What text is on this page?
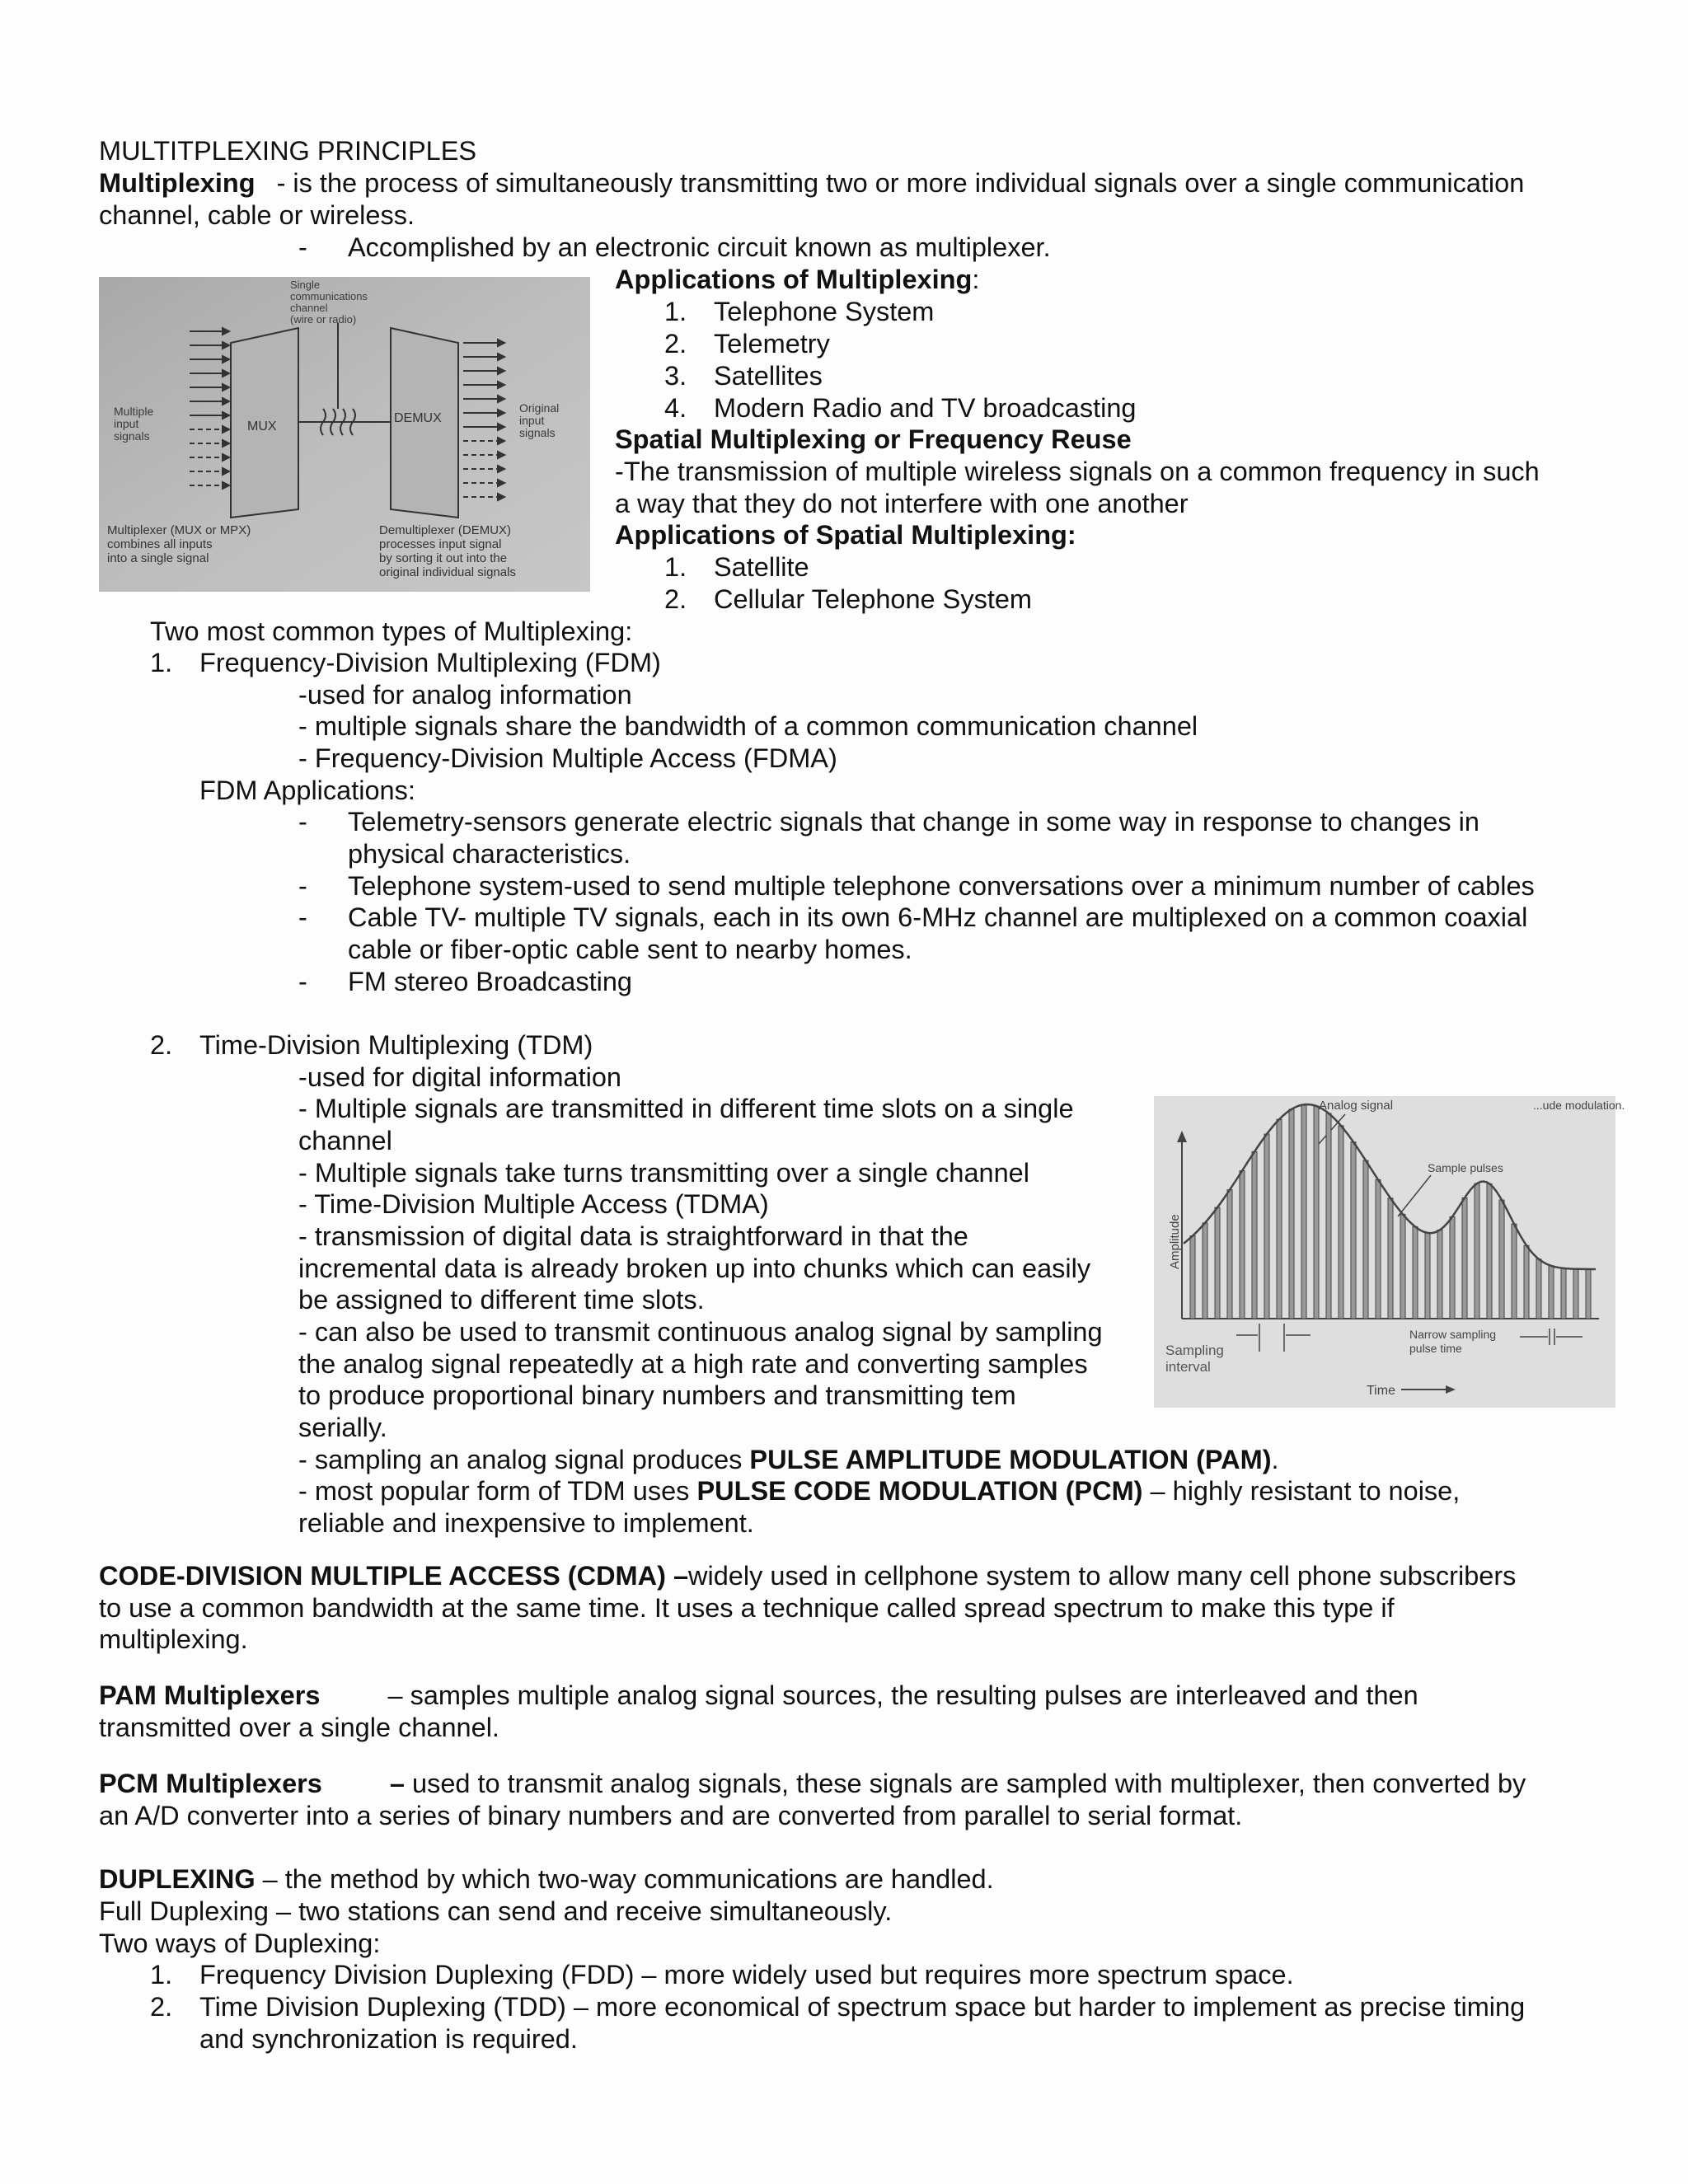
MULTITPLEXING PRINCIPLES
Multiplexing - is the process of simultaneously transmitting two or more individual signals over a single communication
channel, cable or wireless.
- Accomplished by an electronic circuit known as multiplexer.
Single communications channel (wire or radio)
MUX
DEMUX
Multiple input signals
Original input signals
Multiplexer (MUX or MPX) combines all inputs into a single signal
Demultiplexer (DEMUX) processes input signal by sorting it out into the original individual signals
Applications of Multiplexing:
1. Telephone System
2. Telemetry
3. Satellites
4. Modern Radio and TV broadcasting
Spatial Multiplexing or Frequency Reuse
-The transmission of multiple wireless signals on a common frequency in such
a way that they do not interfere with one another
Applications of Spatial Multiplexing:
1. Satellite
2. Cellular Telephone System
Two most common types of Multiplexing:
1. Frequency-Division Multiplexing (FDM)
-used for analog information
- multiple signals share the bandwidth of a common communication channel
- Frequency-Division Multiple Access (FDMA)
FDM Applications:
- Telemetry-sensors generate electric signals that change in some way in response to changes in
physical characteristics.
- Telephone system-used to send multiple telephone conversations over a minimum number of cables
- Cable TV- multiple TV signals, each in its own 6-MHz channel are multiplexed on a common coaxial
cable or fiber-optic cable sent to nearby homes.
- FM stereo Broadcasting
2. Time-Division Multiplexing (TDM)
-used for digital information
- Multiple signals are transmitted in different time slots on a single
channel
- Multiple signals take turns transmitting over a single channel
- Time-Division Multiple Access (TDMA)
- transmission of digital data is straightforward in that the
incremental data is already broken up into chunks which can easily
be assigned to different time slots.
- can also be used to transmit continuous analog signal by sampling
the analog signal repeatedly at a high rate and converting samples
to produce proportional binary numbers and transmitting tem
serially.
- sampling an analog signal produces PULSE AMPLITUDE MODULATION (PAM).
- most popular form of TDM uses PULSE CODE MODULATION (PCM) – highly resistant to noise,
reliable and inexpensive to implement.
Analog signal	...ude modulation.
Sample pulses
Amplitude
Sampling interval
Narrow sampling pulse time
Time
CODE-DIVISION MULTIPLE ACCESS (CDMA) –widely used in cellphone system to allow many cell phone subscribers
to use a common bandwidth at the same time. It uses a technique called spread spectrum to make this type if
multiplexing.
PAM Multiplexers	– samples multiple analog signal sources, the resulting pulses are interleaved and then
transmitted over a single channel.
PCM Multiplexers	– used to transmit analog signals, these signals are sampled with multiplexer, then converted by
an A/D converter into a series of binary numbers and are converted from parallel to serial format.
DUPLEXING – the method by which two-way communications are handled.
Full Duplexing – two stations can send and receive simultaneously.
Two ways of Duplexing:
1. Frequency Division Duplexing (FDD) – more widely used but requires more spectrum space.
2. Time Division Duplexing (TDD) – more economical of spectrum space but harder to implement as precise timing
and synchronization is required.
